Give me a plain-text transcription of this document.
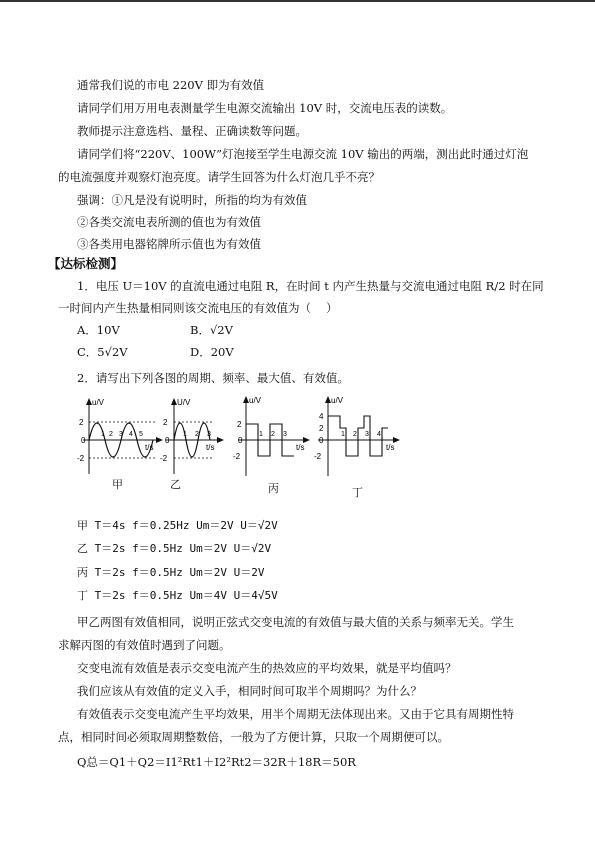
通常我们说的市电 220V 即为有效值
请同学们用万用电表测量学生电源交流输出 10V 时，交流电压表的读数。
教师提示注意选档、量程、正确读数等问题。
请同学们将“220V、100W”灯泡接至学生电源交流 10V 输出的两端，测出此时通过灯泡
的电流强度并观察灯泡亮度。请学生回答为什么灯泡几乎不亮？
强调：①凡是没有说明时，所指的均为有效值
②各类交流电表所测的值也为有效值
③各类用电器铭牌所示值也为有效值
【达标检测】
1．电压 U＝10V 的直流电通过电阻 R，在时间 t 内产生热量与交流电通过电阻 R/2 时在同
一时间内产生热量相同则该交流电压的有效值为（　 ）
A．10V	B．√2V
C．5√2V	D．20V
2．请写出下列各图的周期、频率、最大值、有效值。
u/V
t/s
2
0
-2
1 2 3 4 5
甲
U/V
t/s
2
0
-2
1 2 3
乙
u/V
t/s
2
0
-2
1 2 3
丙
u/V
t/s
4
2
0
-2
1 2 3 4
丁
甲 T＝4s f＝0.25Hz Um＝2V U＝√2V
乙 T＝2s f＝0.5Hz Um＝2V U＝√2V
丙 T＝2s f＝0.5Hz Um＝2V U＝2V
丁 T＝2s f＝0.5Hz Um＝4V U＝4√5V
甲乙两图有效值相同，说明正弦式交变电流的有效值与最大值的关系与频率无关。学生
求解丙图的有效值时遇到了问题。
交变电流有效值是表示交变电流产生的热效应的平均效果，就是平均值吗？
我们应该从有效值的定义入手，相同时间可取半个周期吗？为什么？
有效值表示交变电流产生平均效果，用半个周期无法体现出来。又由于它具有周期性特
点，相同时间必须取周期整数倍，一般为了方便计算，只取一个周期便可以。
Q总＝Q1＋Q2＝I1²Rt1＋I2²Rt2＝32R＋18R＝50R
